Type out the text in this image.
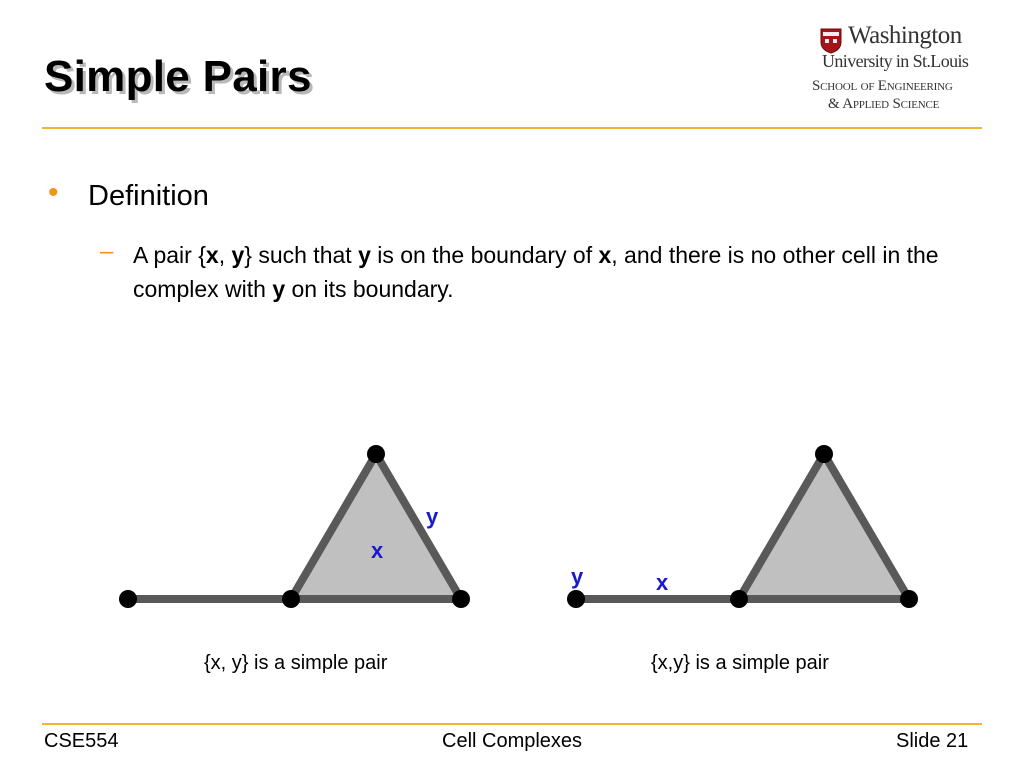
Simple Pairs
Washington
University in St.Louis
School of Engineering
& Applied Science
• Definition
– A pair {x, y} such that y is on the boundary of x, and there is no other cell in the complex with y on its boundary.
x
y
x
y
{x, y} is a simple pair	{x,y} is a simple pair
CSE554	Cell Complexes	Slide 21
